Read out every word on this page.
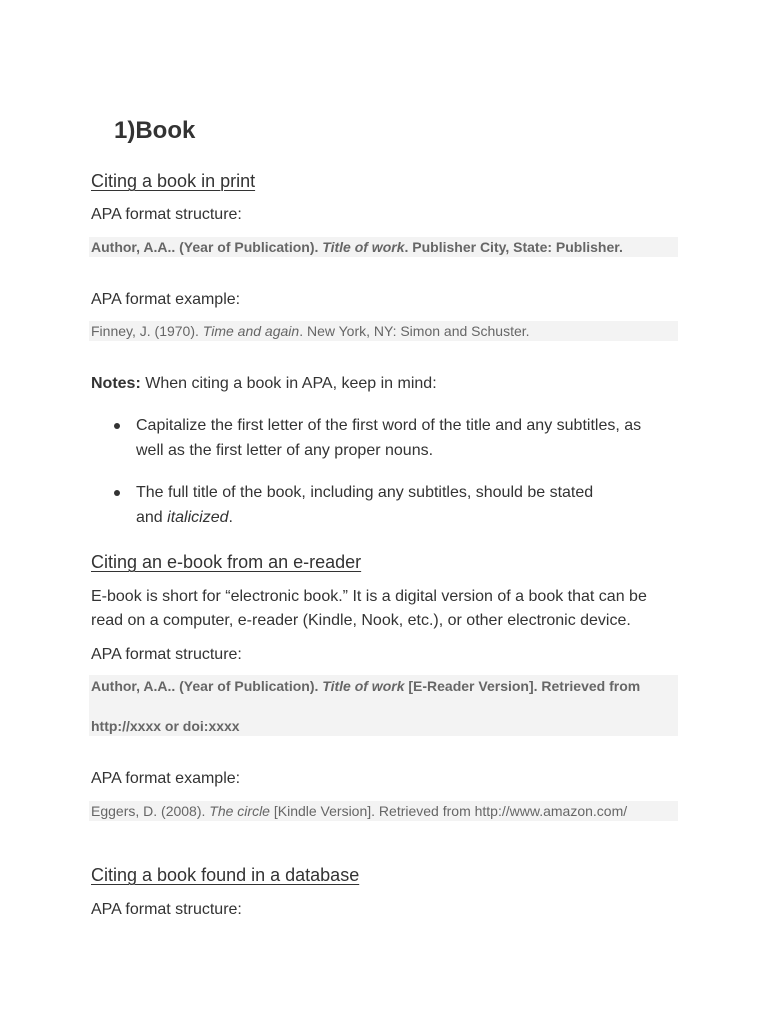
1)Book
Citing a book in print
APA format structure:
Author, A.A.. (Year of Publication). Title of work. Publisher City, State: Publisher.
APA format example:
Finney, J. (1970). Time and again. New York, NY: Simon and Schuster.
Notes: When citing a book in APA, keep in mind:
Capitalize the first letter of the first word of the title and any subtitles, as
well as the first letter of any proper nouns.
The full title of the book, including any subtitles, should be stated
and italicized.
Citing an e-book from an e-reader
E-book is short for “electronic book.” It is a digital version of a book that can be
read on a computer, e-reader (Kindle, Nook, etc.), or other electronic device.
APA format structure:
Author, A.A.. (Year of Publication). Title of work [E-Reader Version]. Retrieved from
http://xxxx or doi:xxxx
APA format example:
Eggers, D. (2008). The circle [Kindle Version]. Retrieved from http://www.amazon.com/
Citing a book found in a database
APA format structure:
